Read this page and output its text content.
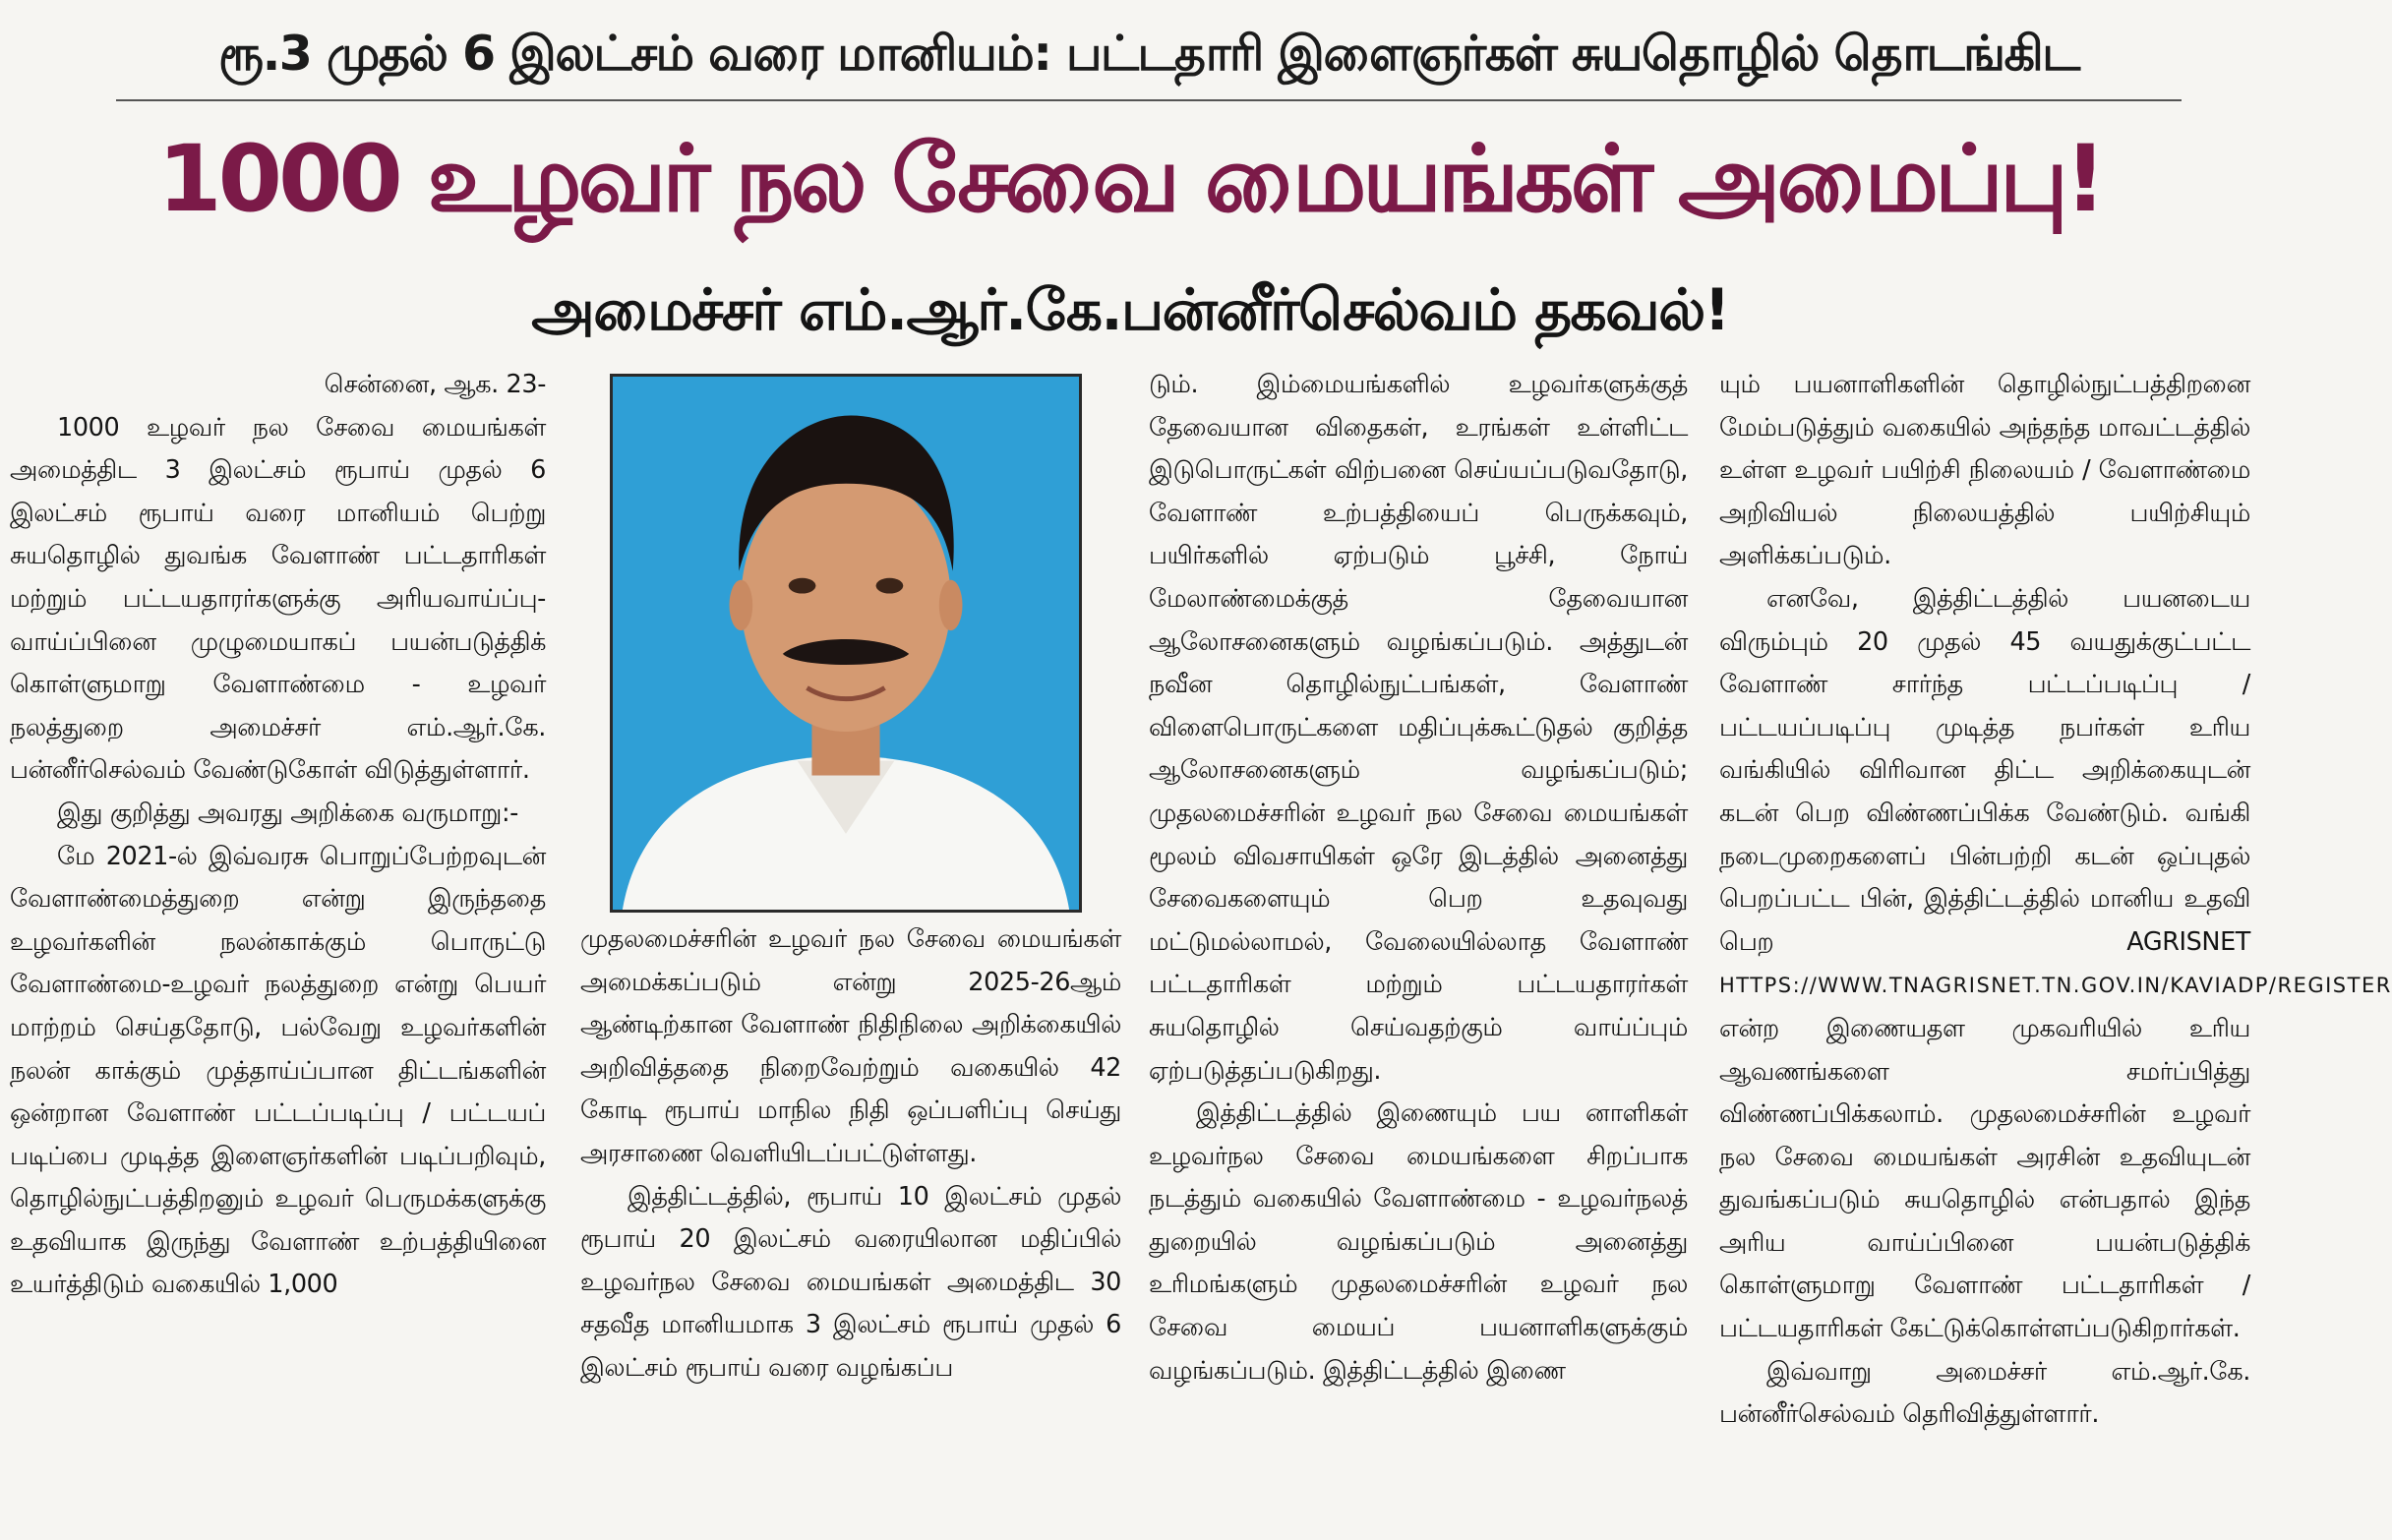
ரூ.3 முதல் 6 இலட்சம் வரை மானியம்: பட்டதாரி இளைஞர்கள் சுயதொழில் தொடங்கிட
1000 உழவர் நல சேவை மையங்கள் அமைப்பு!
அமைச்சர் எம்.ஆர்.கே.பன்னீர்செல்வம் தகவல்!

சென்னை, ஆக. 23-

1000 உழவர் நல சேவை மையங்கள் அமைத்திட 3 இலட்சம் ரூபாய் முதல் 6 இலட்சம் ரூபாய் வரை மானியம் பெற்று சுயதொழில் துவங்க வேளாண் பட்டதாரிகள் மற்றும் பட்டயதாரர்களுக்கு அரியவாய்ப்பு-வாய்ப்பினை முழுமையாகப் பயன்படுத்திக் கொள்ளுமாறு வேளாண்மை - உழவர் நலத்துறை அமைச்சர் எம்.ஆர்.கே. பன்னீர்செல்வம் வேண்டுகோள் விடுத்துள்ளார்.

இது குறித்து அவரது அறிக்கை வருமாறு:-

மே 2021-ல் இவ்வரசு பொறுப்பேற்றவுடன் வேளாண்மைத்துறை என்று இருந்ததை உழவர்களின் நலன்காக்கும் பொருட்டு வேளாண்மை-உழவர் நலத்துறை என்று பெயர் மாற்றம் செய்ததோடு, பல்வேறு உழவர்களின் நலன் காக்கும் முத்தாய்ப்பான திட்டங்களின் ஒன்றான வேளாண் பட்டப்படிப்பு / பட்டயப் படிப்பை முடித்த இளைஞர்களின் படிப்பறிவும், தொழில்நுட்பத்திறனும் உழவர் பெருமக்களுக்கு உதவியாக இருந்து வேளாண் உற்பத்தியினை உயர்த்திடும் வகையில் 1,000

முதலமைச்சரின் உழவர் நல சேவை மையங்கள் அமைக்கப்படும் என்று 2025-26ஆம் ஆண்டிற்கான வேளாண் நிதிநிலை அறிக்கையில் அறிவித்ததை நிறைவேற்றும் வகையில் 42 கோடி ரூபாய் மாநில நிதி ஒப்பளிப்பு செய்து அரசாணை வெளியிடப்பட்டுள்ளது.

இத்திட்டத்தில், ரூபாய் 10 இலட்சம் முதல் ரூபாய் 20 இலட்சம் வரையிலான மதிப்பில் உழவர்நல சேவை மையங்கள் அமைத்திட 30 சதவீத மானியமாக 3 இலட்சம் ரூபாய் முதல் 6 இலட்சம் ரூபாய் வரை வழங்கப்ப

டும். இம்மையங்களில் உழவர்களுக்குத் தேவையான விதைகள், உரங்கள் உள்ளிட்ட இடுபொருட்கள் விற்பனை செய்யப்படுவதோடு, வேளாண் உற்பத்தியைப் பெருக்கவும், பயிர்களில் ஏற்படும் பூச்சி, நோய் மேலாண்மைக்குத் தேவையான ஆலோசனைகளும் வழங்கப்படும். அத்துடன் நவீன தொழில்நுட்பங்கள், வேளாண் விளைபொருட்களை மதிப்புக்கூட்டுதல் குறித்த ஆலோசனைகளும் வழங்கப்படும்; முதலமைச்சரின் உழவர் நல சேவை மையங்கள் மூலம் விவசாயிகள் ஒரே இடத்தில் அனைத்து சேவைகளையும் பெற உதவுவது மட்டுமல்லாமல், வேலையில்லாத வேளாண் பட்டதாரிகள் மற்றும் பட்டயதாரர்கள் சுயதொழில் செய்வதற்கும் வாய்ப்பும் ஏற்படுத்தப்படுகிறது.

இத்திட்டத்தில் இணையும் பய னாளிகள் உழவர்நல சேவை மையங்களை சிறப்பாக நடத்தும் வகையில் வேளாண்மை - உழவர்நலத் துறையில் வழங்கப்படும் அனைத்து உரிமங்களும் முதலமைச்சரின் உழவர் நல சேவை மையப் பயனாளிகளுக்கும் வழங்கப்படும். இத்திட்டத்தில் இணை

யும் பயனாளிகளின் தொழில்நுட்பத்திறனை மேம்படுத்தும் வகையில் அந்தந்த மாவட்டத்தில் உள்ள உழவர் பயிற்சி நிலையம் / வேளாண்மை அறிவியல் நிலையத்தில் பயிற்சியும் அளிக்கப்படும்.

எனவே, இத்திட்டத்தில் பயனடைய விரும்பும் 20 முதல் 45 வயதுக்குட்பட்ட வேளாண் சார்ந்த பட்டப்படிப்பு / பட்டயப்படிப்பு முடித்த நபர்கள் உரிய வங்கியில் விரிவான திட்ட அறிக்கையுடன் கடன் பெற விண்ணப்பிக்க வேண்டும். வங்கி நடைமுறைகளைப் பின்பற்றி கடன் ஒப்புதல் பெறப்பட்ட பின், இத்திட்டத்தில் மானிய உதவி பெற AGRISNET HTTPS://WWW.TNAGRISNET.TN.GOV.IN/KAVIADP/REGISTER என்ற இணையதள முகவரியில் உரிய ஆவணங்களை சமர்ப்பித்து விண்ணப்பிக்கலாம். முதலமைச்சரின் உழவர் நல சேவை மையங்கள் அரசின் உதவியுடன் துவங்கப்படும் சுயதொழில் என்பதால் இந்த அரிய வாய்ப்பினை பயன்படுத்திக் கொள்ளுமாறு வேளாண் பட்டதாரிகள் / பட்டயதாரிகள் கேட்டுக்கொள்ளப்படுகிறார்கள்.

இவ்வாறு அமைச்சர் எம்.ஆர்.கே. பன்னீர்செல்வம் தெரிவித்துள்ளார்.
